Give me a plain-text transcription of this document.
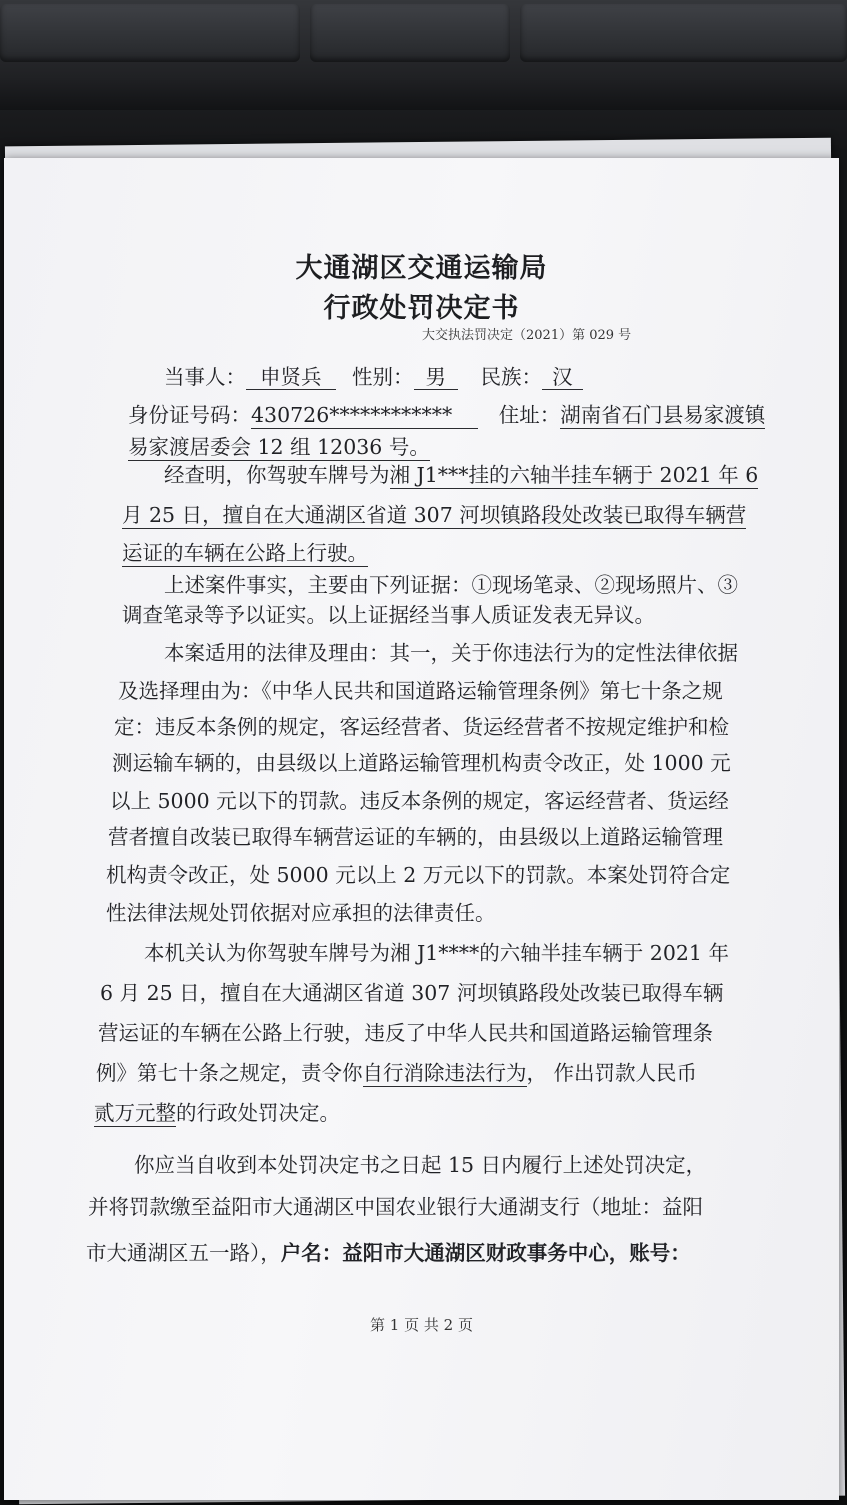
大通湖区交通运输局
行政处罚决定书
大交执法罚决定（2021）第 029 号
当事人： 申贤兵 性别： 男 民族： 汉
身份证号码：430726************ 住址：湖南省石门县易家渡镇
易家渡居委会 12 组 12036 号。
经查明，你驾驶车牌号为湘 J1***挂的六轴半挂车辆于 2021 年 6
月 25 日，擅自在大通湖区省道 307 河坝镇路段处改装已取得车辆营
运证的车辆在公路上行驶。
上述案件事实，主要由下列证据：①现场笔录、②现场照片、③
调查笔录等予以证实。以上证据经当事人质证发表无异议。
本案适用的法律及理由：其一，关于你违法行为的定性法律依据
及选择理由为：《中华人民共和国道路运输管理条例》第七十条之规
定：违反本条例的规定，客运经营者、货运经营者不按规定维护和检
测运输车辆的，由县级以上道路运输管理机构责令改正，处 1000 元
以上 5000 元以下的罚款。违反本条例的规定，客运经营者、货运经
营者擅自改装已取得车辆营运证的车辆的，由县级以上道路运输管理
机构责令改正，处 5000 元以上 2 万元以下的罚款。本案处罚符合定
性法律法规处罚依据对应承担的法律责任。
本机关认为你驾驶车牌号为湘 J1****的六轴半挂车辆于 2021 年
6 月 25 日，擅自在大通湖区省道 307 河坝镇路段处改装已取得车辆
营运证的车辆在公路上行驶，违反了中华人民共和国道路运输管理条
例》第七十条之规定，责令你自行消除违法行为， 作出罚款人民币
贰万元整的行政处罚决定。
你应当自收到本处罚决定书之日起 15 日内履行上述处罚决定，
并将罚款缴至益阳市大通湖区中国农业银行大通湖支行（地址：益阳
市大通湖区五一路），户名：益阳市大通湖区财政事务中心，账号：
第 1 页 共 2 页
